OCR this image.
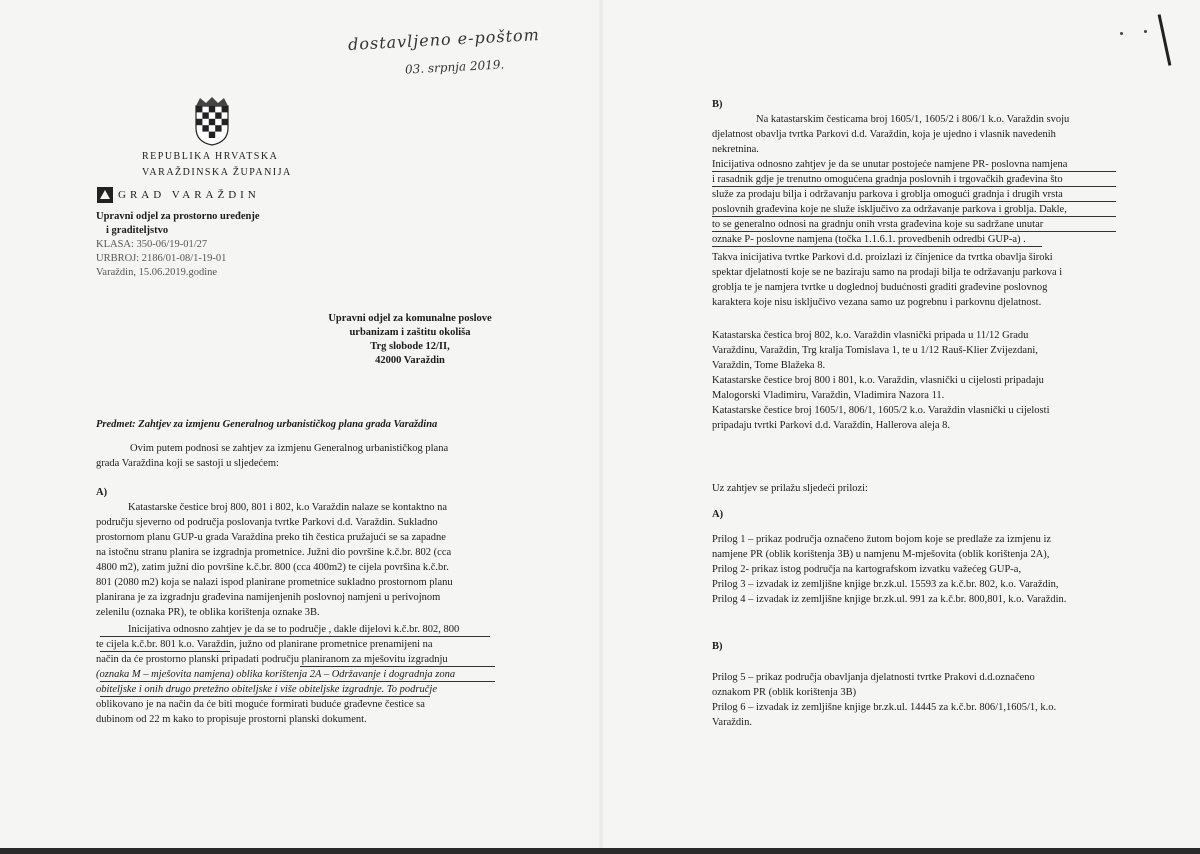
dostavljeno e-poštom
03. srpnja 2019.
REPUBLIKA HRVATSKA
VARAŽDINSKA ŽUPANIJA
GRAD VARAŽDIN
Upravni odjel za prostorno uređenje
i graditeljstvo
KLASA: 350-06/19-01/27
URBROJ: 2186/01-08/1-19-01
Varaždin, 15.06.2019.godine
Upravni odjel za komunalne poslove
urbanizam i zaštitu okoliša
Trg slobode 12/II,
42000 Varaždin
Predmet: Zahtjev za izmjenu Generalnog urbanističkog plana grada Varaždina
Ovim putem podnosi se zahtjev za izmjenu Generalnog urbanističkog plana
grada Varaždina koji se sastoji u sljedećem:
A)

Katastarske čestice broj 800, 801 i 802, k.o Varaždin nalaze se kontaktno na

području sjeverno od područja poslovanja tvrtke Parkovi d.d. Varaždin. Sukladno

prostornom planu GUP-u grada Varaždina preko tih čestica pružajući se sa zapadne

na istočnu stranu planira se izgradnja prometnice. Južni dio površine k.č.br. 802 (cca

4800 m2), zatim južni dio površine k.č.br. 800 (cca 400m2) te cijela površina k.č.br.

801 (2080 m2) koja se nalazi ispod planirane prometnice sukladno prostornom planu

planirana je za izgradnju građevina namijenjenih poslovnoj namjeni u perivojnom

zelenilu (oznaka PR), te oblika korištenja oznake 3B.

Inicijativa odnosno zahtjev je da se to područje , dakle dijelovi k.č.br. 802, 800

te cijela k.č.br. 801 k.o. Varaždin, južno od planirane prometnice prenamijeni na

način da će prostorno planski pripadati području planiranom za mješovitu izgradnju

(oznaka M – mješovita namjena) oblika korištenja 2A – Održavanje i dogradnja zona

obiteljske i onih drugo pretežno obiteljske i više obiteljske izgradnje. To područje

oblikovano je na način da će biti moguće formirati buduće građevne čestice sa

dubinom od 22 m kako to propisuje prostorni planski dokument.

B)

Na katastarskim česticama broj 1605/1, 1605/2 i 806/1 k.o. Varaždin svoju

djelatnost obavlja tvrtka Parkovi d.d. Varaždin, koja je ujedno i vlasnik navedenih

nekretnina.

Inicijativa odnosno zahtjev je da se unutar postojeće namjene PR- poslovna namjena

i rasadnik gdje je trenutno omogućena gradnja poslovnih i trgovačkih građevina što

služe za prodaju bilja i održavanju parkova i groblja omogući gradnja i drugih vrsta

poslovnih građevina koje ne služe isključivo za održavanje parkova i groblja. Dakle,

to se generalno odnosi na gradnju onih vrsta građevina koje su sadržane unutar

oznake P- poslovne namjena (točka 1.1.6.1. provedbenih odredbi GUP-a) .

Takva inicijativa tvrtke Parkovi d.d. proizlazi iz činjenice da tvrtka obavlja široki

spektar djelatnosti koje se ne baziraju samo na prodaji bilja te održavanju parkova i

groblja te je namjera tvrtke u doglednoj budućnosti graditi građevine poslovnog

karaktera koje nisu isključivo vezana samo uz pogrebnu i parkovnu djelatnost.

Katastarska čestica broj 802, k.o. Varaždin vlasnički pripada u 11/12 Gradu

Varaždinu, Varaždin, Trg kralja Tomislava 1, te u 1/12 Rauš-Klier Zvijezdani,

Varaždin, Tome Blažeka 8.

Katastarske čestice broj 800 i 801, k.o. Varaždin, vlasnički u cijelosti pripadaju

Malogorski Vladimiru, Varaždin, Vladimira Nazora 11.

Katastarske čestice broj 1605/1, 806/1, 1605/2 k.o. Varaždin vlasnički u cijelosti

pripadaju tvrtki Parkovi d.d. Varaždin, Hallerova aleja 8.

Uz zahtjev se prilažu sljedeći prilozi:
A)

Prilog 1 – prikaz područja označeno žutom bojom koje se predlaže za izmjenu iz

namjene PR (oblik korištenja 3B) u namjenu M-mješovita (oblik korištenja 2A),

Prilog 2- prikaz istog područja na kartografskom izvatku važećeg GUP-a,

Prilog 3 – izvadak iz zemljišne knjige br.zk.ul. 15593 za k.č.br. 802, k.o. Varaždin,

Prilog 4 – izvadak iz zemljišne knjige br.zk.ul. 991 za k.č.br. 800,801, k.o. Varaždin.

B)

Prilog 5 – prikaz područja obavljanja djelatnosti tvrtke Prakovi d.d.označeno

oznakom PR (oblik korištenja 3B)

Prilog 6 – izvadak iz zemljišne knjige br.zk.ul. 14445 za k.č.br. 806/1,1605/1, k.o.

Varaždin.
